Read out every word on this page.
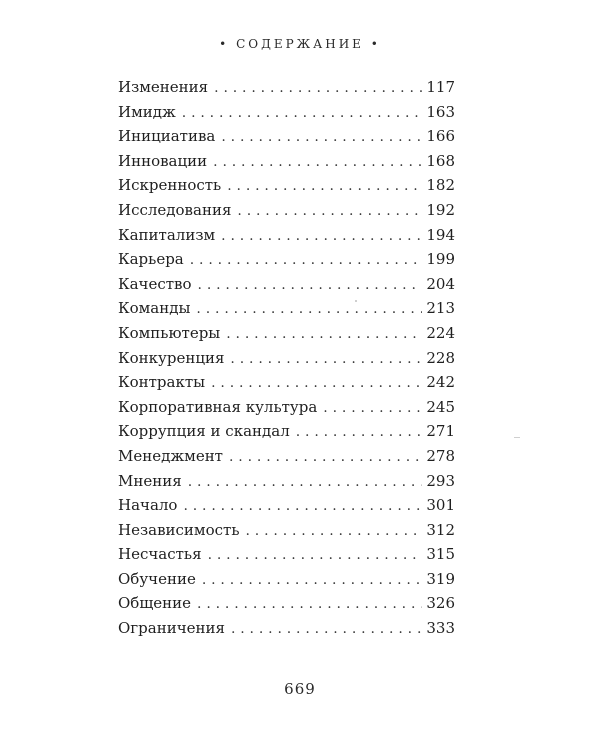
• СОДЕРЖАНИЕ •
Изменения . . .	117
Имидж . . .	163
Инициатива . . .	166
Инновации . . .	168
Искренность . . .	182
Исследования . . .	192
Капитализм . . .	194
Карьера . . .	199
Качество . . .	204
Команды . . .	213
Компьютеры . . .	224
Конкуренция . . .	228
Контракты . . .	242
Корпоративная культура . . .	245
Коррупция и скандал . . .	271
Менеджмент . . .	278
Мнения . . .	293
Начало . . .	301
Независимость . . .	312
Несчастья . . .	315
Обучение . . .	319
Общение . . .	326
Ограничения . . .	333
669
